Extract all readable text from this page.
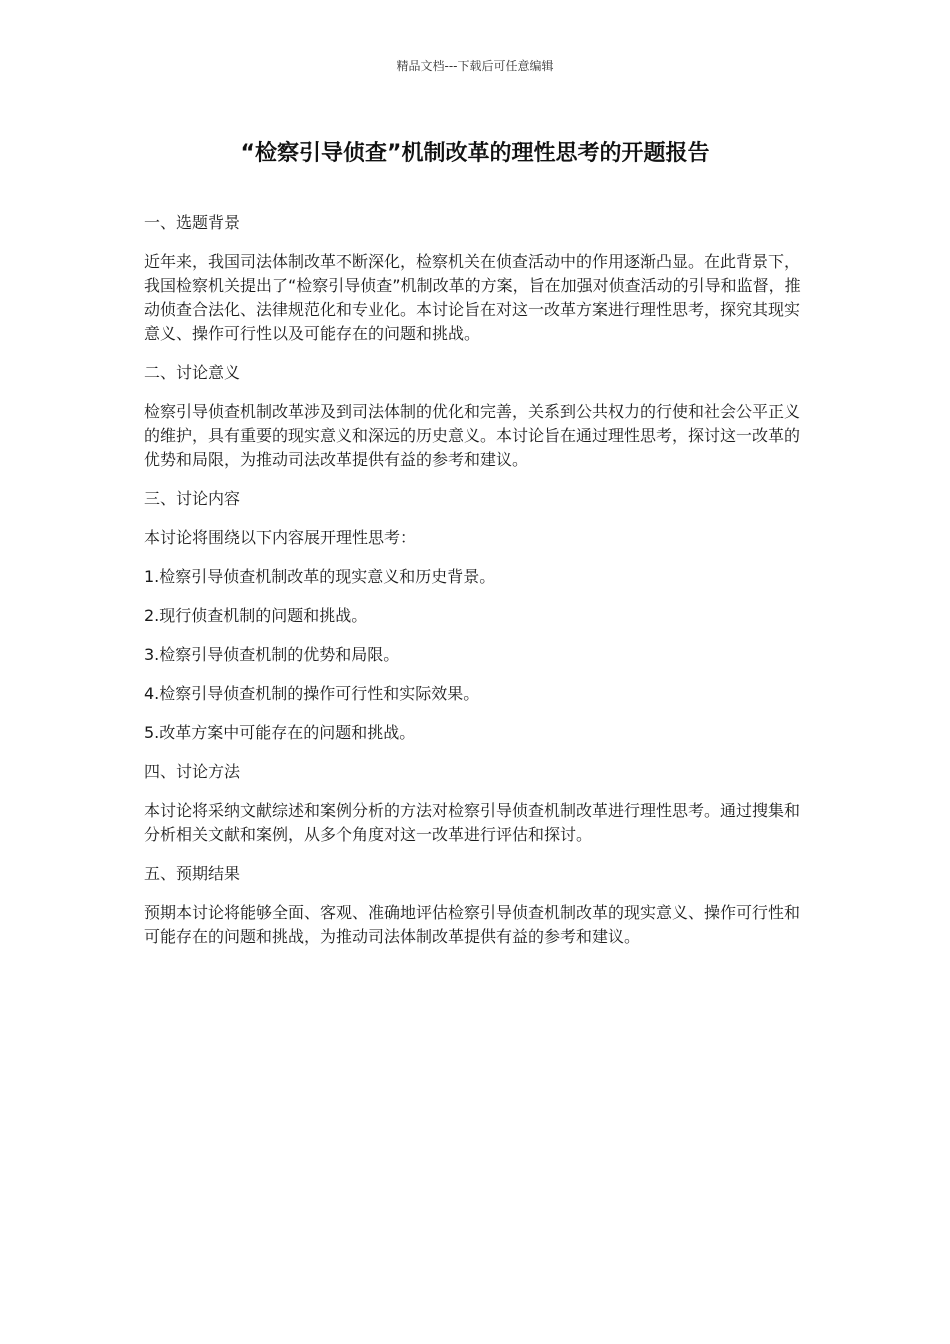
精品文档---下载后可任意编辑
“检察引导侦查”机制改革的理性思考的开题报告

一、选题背景

近年来，我国司法体制改革不断深化，检察机关在侦查活动中的作用逐渐凸显。在此背景下，我国检察机关提出了“检察引导侦查”机制改革的方案，旨在加强对侦查活动的引导和监督，推动侦查合法化、法律规范化和专业化。本讨论旨在对这一改革方案进行理性思考，探究其现实意义、操作可行性以及可能存在的问题和挑战。

二、讨论意义

检察引导侦查机制改革涉及到司法体制的优化和完善，关系到公共权力的行使和社会公平正义的维护，具有重要的现实意义和深远的历史意义。本讨论旨在通过理性思考，探讨这一改革的优势和局限，为推动司法改革提供有益的参考和建议。

三、讨论内容

本讨论将围绕以下内容展开理性思考：

1.检察引导侦查机制改革的现实意义和历史背景。

2.现行侦查机制的问题和挑战。

3.检察引导侦查机制的优势和局限。

4.检察引导侦查机制的操作可行性和实际效果。

5.改革方案中可能存在的问题和挑战。

四、讨论方法

本讨论将采纳文献综述和案例分析的方法对检察引导侦查机制改革进行理性思考。通过搜集和分析相关文献和案例，从多个角度对这一改革进行评估和探讨。

五、预期结果

预期本讨论将能够全面、客观、准确地评估检察引导侦查机制改革的现实意义、操作可行性和可能存在的问题和挑战，为推动司法体制改革提供有益的参考和建议。
